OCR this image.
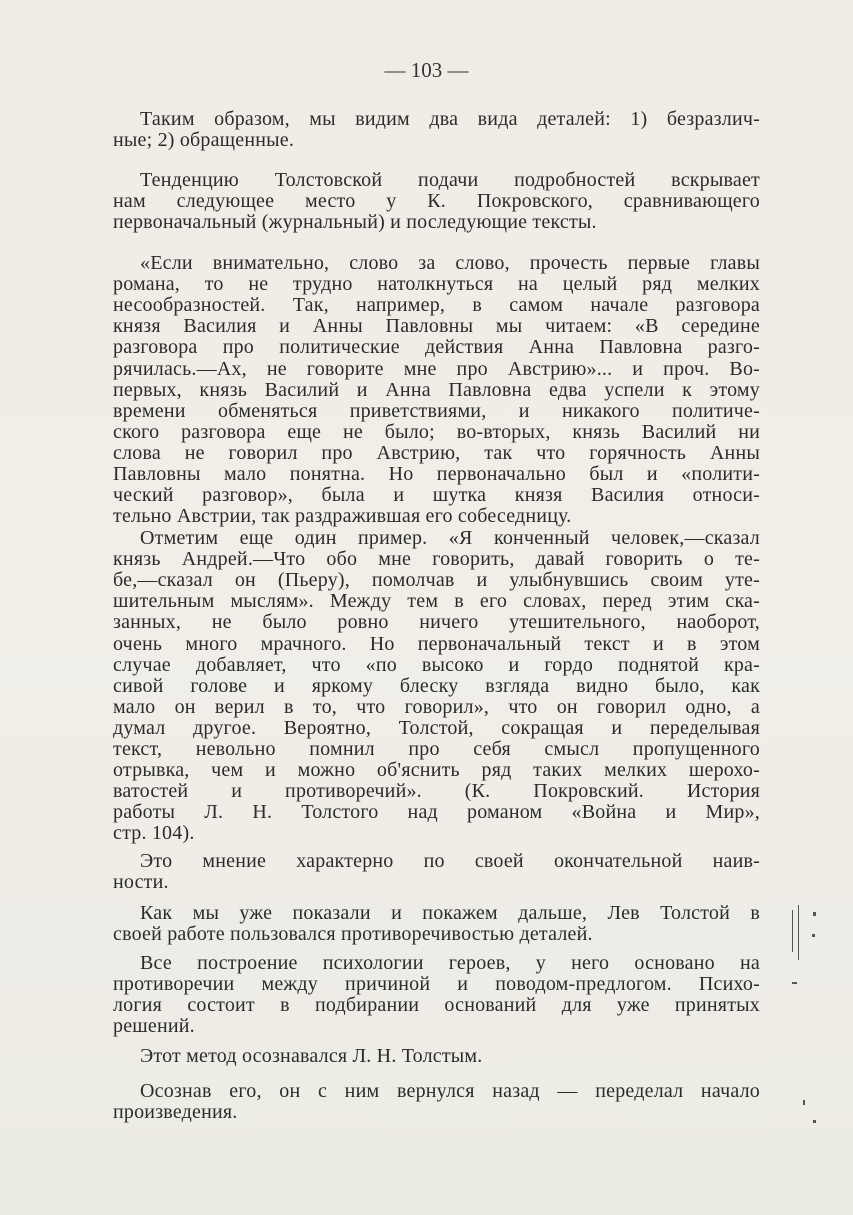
— 103 —
Таким образом, мы видим два вида деталей: 1) безразлич-
ные; 2) обращенные.
Тенденцию Толстовской подачи подробностей вскрывает
нам следующее место у К. Покровского, сравнивающего
первоначальный (журнальный) и последующие тексты.
«Если внимательно, слово за слово, прочесть первые главы
романа, то не трудно натолкнуться на целый ряд мелких
несообразностей. Так, например, в самом начале разговора
князя Василия и Анны Павловны мы читаем: «В середине
разговора про политические действия Анна Павловна разго-
рячилась.—Ах, не говорите мне про Австрию»... и проч. Во-
первых, князь Василий и Анна Павловна едва успели к этому
времени обменяться приветствиями, и никакого политиче-
ского разговора еще не было; во-вторых, князь Василий ни
слова не говорил про Австрию, так что горячность Анны
Павловны мало понятна. Но первоначально был и «полити-
ческий разговор», была и шутка князя Василия относи-
тельно Австрии, так раздражившая его собеседницу.
Отметим еще один пример. «Я конченный человек,—сказал
князь Андрей.—Что обо мне говорить, давай говорить о те-
бе,—сказал он (Пьеру), помолчав и улыбнувшись своим уте-
шительным мыслям». Между тем в его словах, перед этим ска-
занных, не было ровно ничего утешительного, наоборот,
очень много мрачного. Но первоначальный текст и в этом
случае добавляет, что «по высоко и гордо поднятой кра-
сивой голове и яркому блеску взгляда видно было, как
мало он верил в то, что говорил», что он говорил одно, а
думал другое. Вероятно, Толстой, сокращая и переделывая
текст, невольно помнил про себя смысл пропущенного
отрывка, чем и можно об'яснить ряд таких мелких шерохо-
ватостей и противоречий». (К. Покровский. История
работы Л. Н. Толстого над романом «Война и Мир»,
стр. 104).
Это мнение характерно по своей окончательной наив-
ности.
Как мы уже показали и покажем дальше, Лев Толстой в
своей работе пользовался противоречивостью деталей.
Все построение психологии героев, у него основано на
противоречии между причиной и поводом-предлогом. Психо-
логия состоит в подбирании оснований для уже принятых
решений.
Этот метод осознавался Л. Н. Толстым.
Осознав его, он с ним вернулся назад — переделал начало
произведения.
